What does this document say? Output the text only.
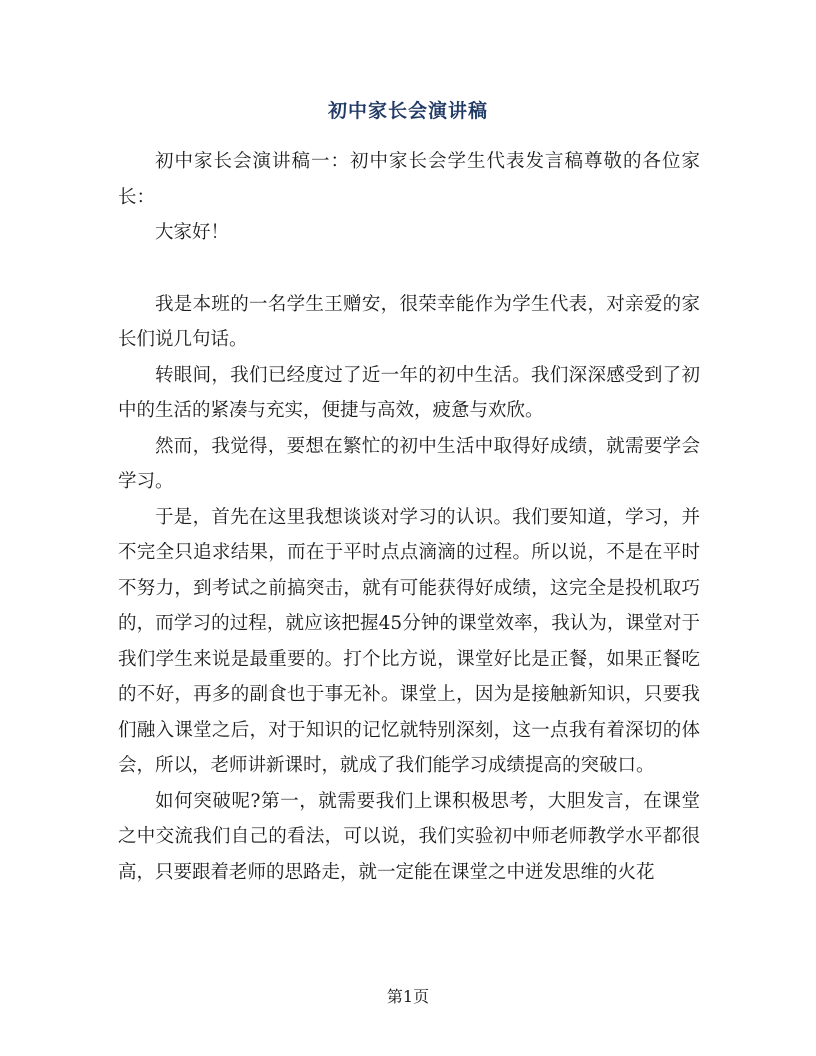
初中家长会演讲稿

初中家长会演讲稿一：初中家长会学生代表发言稿尊敬的各位家长：

大家好！

我是本班的一名学生王赠安，很荣幸能作为学生代表，对亲爱的家长们说几句话。

转眼间，我们已经度过了近一年的初中生活。我们深深感受到了初中的生活的紧凑与充实，便捷与高效，疲惫与欢欣。

然而，我觉得，要想在繁忙的初中生活中取得好成绩，就需要学会学习。

于是，首先在这里我想谈谈对学习的认识。我们要知道，学习，并不完全只追求结果，而在于平时点点滴滴的过程。所以说，不是在平时不努力，到考试之前搞突击，就有可能获得好成绩，这完全是投机取巧的，而学习的过程，就应该把握45分钟的课堂效率，我认为，课堂对于我们学生来说是最重要的。打个比方说，课堂好比是正餐，如果正餐吃的不好，再多的副食也于事无补。课堂上，因为是接触新知识，只要我们融入课堂之后，对于知识的记忆就特别深刻，这一点我有着深切的体会，所以，老师讲新课时，就成了我们能学习成绩提高的突破口。

如何突破呢?第一，就需要我们上课积极思考，大胆发言，在课堂之中交流我们自己的看法，可以说，我们实验初中师老师教学水平都很高，只要跟着老师的思路走，就一定能在课堂之中迸发思维的火花

第1页
